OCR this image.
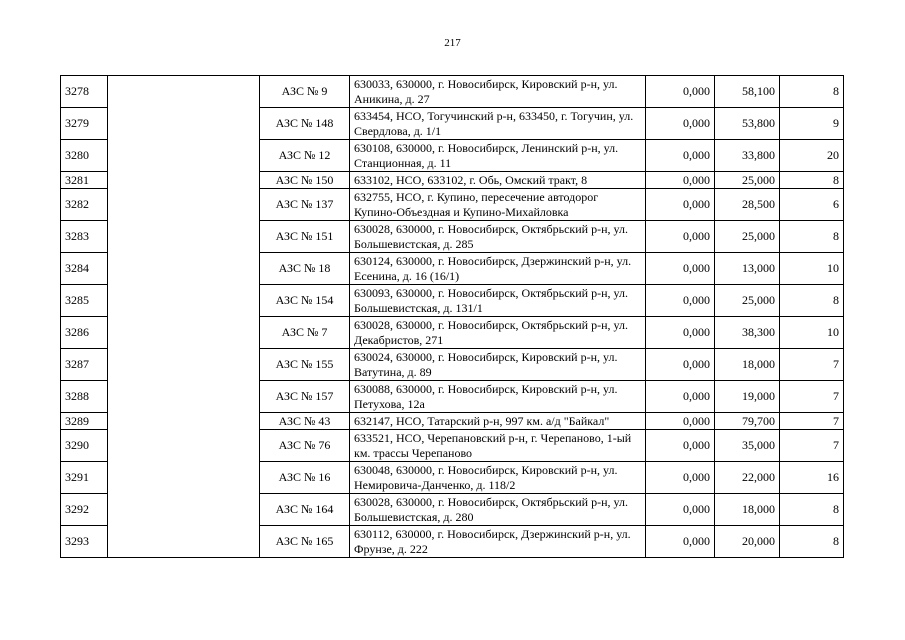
217
3278		АЗС № 9	630033, 630000, г. Новосибирск, Кировский р-н, ул. Аникина, д. 27	0,000	58,100	8
3279		АЗС № 148	633454, НСО, Тогучинский р-н, 633450, г. Тогучин, ул. Свердлова, д. 1/1	0,000	53,800	9
3280		АЗС № 12	630108, 630000, г. Новосибирск, Ленинский р-н, ул. Станционная, д. 11	0,000	33,800	20
3281		АЗС № 150	633102, НСО, 633102, г. Обь, Омский тракт, 8	0,000	25,000	8
3282		АЗС № 137	632755, НСО, г. Купино, пересечение автодорог Купино-Объездная и Купино-Михайловка	0,000	28,500	6
3283		АЗС № 151	630028, 630000, г. Новосибирск, Октябрьский р-н, ул. Большевистская, д. 285	0,000	25,000	8
3284		АЗС № 18	630124, 630000, г. Новосибирск, Дзержинский р-н, ул. Есенина, д. 16 (16/1)	0,000	13,000	10
3285		АЗС № 154	630093, 630000, г. Новосибирск, Октябрьский р-н, ул. Большевистская, д. 131/1	0,000	25,000	8
3286		АЗС № 7	630028, 630000, г. Новосибирск, Октябрьский р-н, ул. Декабристов, 271	0,000	38,300	10
3287		АЗС № 155	630024, 630000, г. Новосибирск, Кировский р-н, ул. Ватутина, д. 89	0,000	18,000	7
3288		АЗС № 157	630088, 630000, г. Новосибирск, Кировский р-н, ул. Петухова, 12а	0,000	19,000	7
3289		АЗС № 43	632147, НСО, Татарский р-н, 997 км. а/д "Байкал"	0,000	79,700	7
3290		АЗС № 76	633521, НСО, Черепановский р-н, г. Черепаново, 1-ый км. трассы Черепаново	0,000	35,000	7
3291		АЗС № 16	630048, 630000, г. Новосибирск, Кировский р-н, ул. Немировича-Данченко, д. 118/2	0,000	22,000	16
3292		АЗС № 164	630028, 630000, г. Новосибирск, Октябрьский р-н, ул. Большевистская, д. 280	0,000	18,000	8
3293		АЗС № 165	630112, 630000, г. Новосибирск, Дзержинский р-н, ул. Фрунзе, д. 222	0,000	20,000	8
